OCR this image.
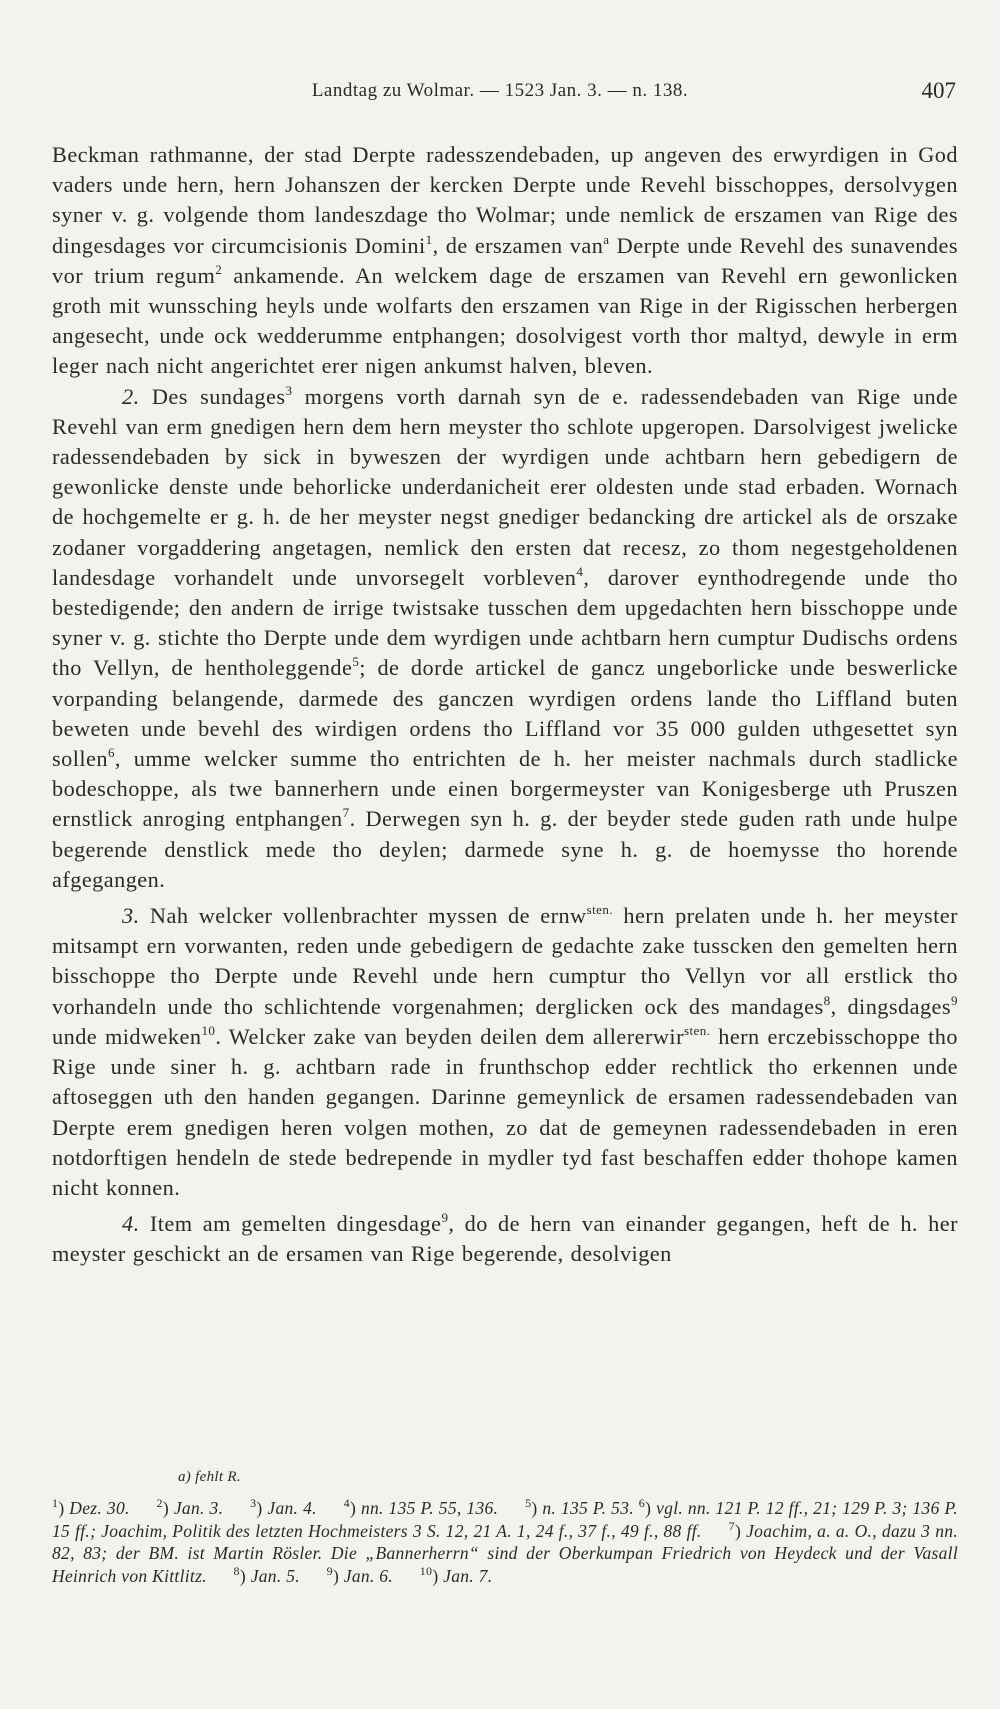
Landtag zu Wolmar. — 1523 Jan. 3. — n. 138.	407

Beckman rathmanne, der stad Derpte radesszendebaden, up angeven des erwyrdigen in God vaders unde hern, hern Johanszen der kercken Derpte unde Revehl bisschoppes, dersolvygen syner v. g. volgende thom landeszdage tho Wolmar; unde nemlick de erszamen van Rige des dingesdages vor circumcisionis Domini$^1$, de erszamen van$^a$ Derpte unde Revehl des sunavendes vor trium regum$^2$ ankamende. An welckem dage de erszamen van Revehl ern gewonlicken groth mit wunssching heyls unde wolfarts den erszamen van Rige in der Rigisschen herbergen angesecht, unde ock wedderumme entphangen; dosolvigest vorth thor maltyd, dewyle in erm leger nach nicht angerichtet erer nigen ankumst halven, bleven.

2. Des sundages$^3$ morgens vorth darnah syn de e. radessendebaden van Rige unde Revehl van erm gnedigen hern dem hern meyster tho schlote upgeropen. Darsolvigest jwelicke radessendebaden by sick in byweszen der wyrdigen unde achtbarn hern gebedigern de gewonlicke denste unde behorlicke underdanicheit erer oldesten unde stad erbaden. Wornach de hochgemelte er g. h. de her meyster negst gnediger bedancking dre artickel als de orszake zodaner vorgaddering angetagen, nemlick den ersten dat recesz, zo thom negestgeholdenen landesdage vorhandelt unde unvorsegelt vorbleven$^4$, darover eynthodregende unde tho bestedigende; den andern de irrige twistsake tusschen dem upgedachten hern bisschoppe unde syner v. g. stichte tho Derpte unde dem wyrdigen unde achtbarn hern cumptur Dudischs ordens tho Vellyn, de hentholeggende$^5$; de dorde artickel de gancz ungeborlicke unde beswerlicke vorpanding belangende, darmede des ganczen wyrdigen ordens lande tho Liffland buten beweten unde bevehl des wirdigen ordens tho Liffland vor 35 000 gulden uthgesettet syn sollen$^6$, umme welcker summe tho entrichten de h. her meister nachmals durch stadlicke bodeschoppe, als twe bannerhern unde einen borgermeyster van Konigesberge uth Pruszen ernstlick anroging entphangen$^7$. Derwegen syn h. g. der beyder stede guden rath unde hulpe begerende denstlick mede tho deylen; darmede syne h. g. de hoemysse tho horende afgegangen.

3. Nah welcker vollenbrachter myssen de ernw$^{sten.}$ hern prelaten unde h. her meyster mitsampt ern vorwanten, reden unde gebedigern de gedachte zake tusscken den gemelten hern bisschoppe tho Derpte unde Revehl unde hern cumptur tho Vellyn vor all erstlick tho vorhandeln unde tho schlichtende vorgenahmen; derglicken ock des mandages$^8$, dingsdages$^9$ unde midweken$^{10}$. Welcker zake van beyden deilen dem allererwir$^{sten.}$ hern erczebisschoppe tho Rige unde siner h. g. achtbarn rade in frunthschop edder rechtlick tho erkennen unde aftoseggen uth den handen gegangen. Darinne gemeynlick de ersamen radessendebaden van Derpte erem gnedigen heren volgen mothen, zo dat de gemeynen radessendebaden in eren notdorftigen hendeln de stede bedrepende in mydler tyd fast beschaffen edder thohope kamen nicht konnen.

4. Item am gemelten dingesdage$^9$, do de hern van einander gegangen, heft de h. her meyster geschickt an de ersamen van Rige begerende, desolvigen

a) fehlt R.

$^1$) Dez. 30. $^2$) Jan. 3. $^3$) Jan. 4. $^4$) nn. 135 P. 55, 136. $^5$) n. 135 P. 53. $^6$) vgl. nn. 121 P. 12 ff., 21; 129 P. 3; 136 P. 15 ff.; Joachim, Politik des letzten Hochmeisters 3 S. 12, 21 A. 1, 24 f., 37 f., 49 f., 88 ff. $^7$) Joachim, a. a. O., dazu 3 nn. 82, 83; der BM. ist Martin Rösler. Die „Bannerherrn“ sind der Oberkumpan Friedrich von Heydeck und der Vasall Heinrich von Kittlitz. $^8$) Jan. 5. $^9$) Jan. 6. $^{10}$) Jan. 7.
